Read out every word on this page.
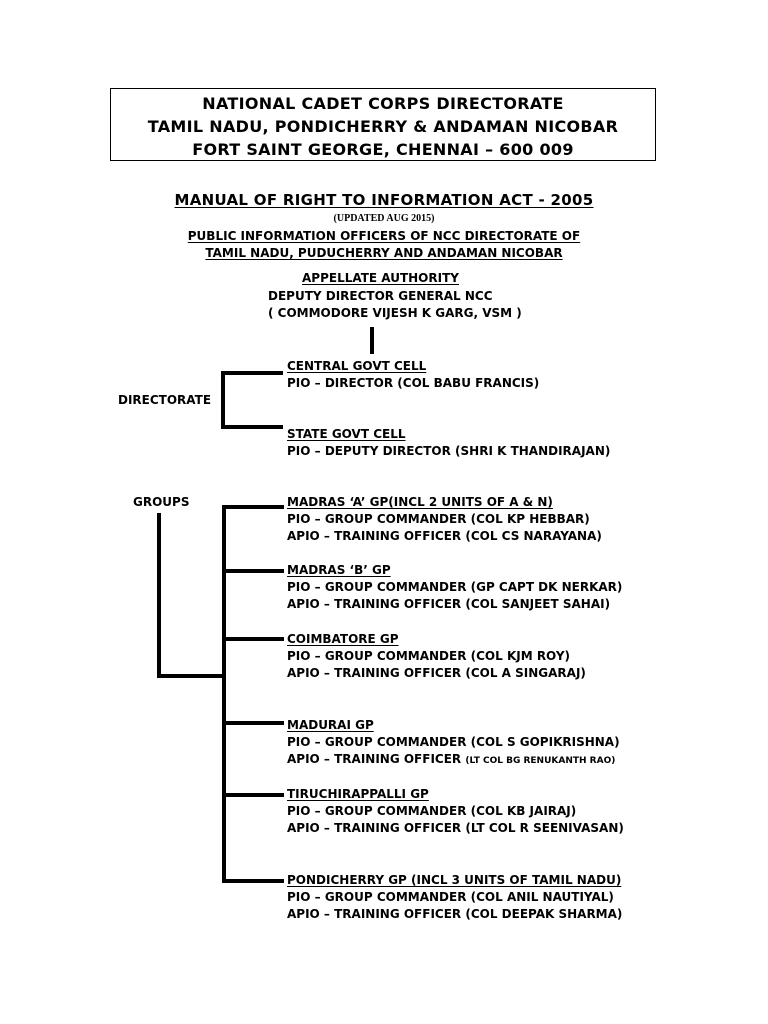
NATIONAL CADET CORPS DIRECTORATE
TAMIL NADU, PONDICHERRY & ANDAMAN NICOBAR
FORT SAINT GEORGE, CHENNAI – 600 009
MANUAL OF RIGHT TO INFORMATION ACT - 2005
(UPDATED AUG 2015)
PUBLIC INFORMATION OFFICERS OF NCC DIRECTORATE OF
TAMIL NADU, PUDUCHERRY AND ANDAMAN NICOBAR
APPELLATE AUTHORITY
DEPUTY DIRECTOR GENERAL NCC
( COMMODORE VIJESH K GARG, VSM )
DIRECTORATE
CENTRAL GOVT CELL
PIO – DIRECTOR (COL BABU FRANCIS)
STATE GOVT CELL
PIO – DEPUTY DIRECTOR (SHRI K THANDIRAJAN)
GROUPS	MADRAS ‘A’ GP(INCL 2 UNITS OF A & N)
PIO – GROUP COMMANDER (COL KP HEBBAR)
APIO – TRAINING OFFICER (COL CS NARAYANA)
MADRAS ‘B’ GP
PIO – GROUP COMMANDER (GP CAPT DK NERKAR)
APIO – TRAINING OFFICER (COL SANJEET SAHAI)
COIMBATORE GP
PIO – GROUP COMMANDER (COL KJM ROY)
APIO – TRAINING OFFICER (COL A SINGARAJ)
MADURAI GP
PIO – GROUP COMMANDER (COL S GOPIKRISHNA)
APIO – TRAINING OFFICER (LT COL BG RENUKANTH RAO)
TIRUCHIRAPPALLI GP
PIO – GROUP COMMANDER (COL KB JAIRAJ)
APIO – TRAINING OFFICER (LT COL R SEENIVASAN)
PONDICHERRY GP (INCL 3 UNITS OF TAMIL NADU)
PIO – GROUP COMMANDER (COL ANIL NAUTIYAL)
APIO – TRAINING OFFICER (COL DEEPAK SHARMA)
